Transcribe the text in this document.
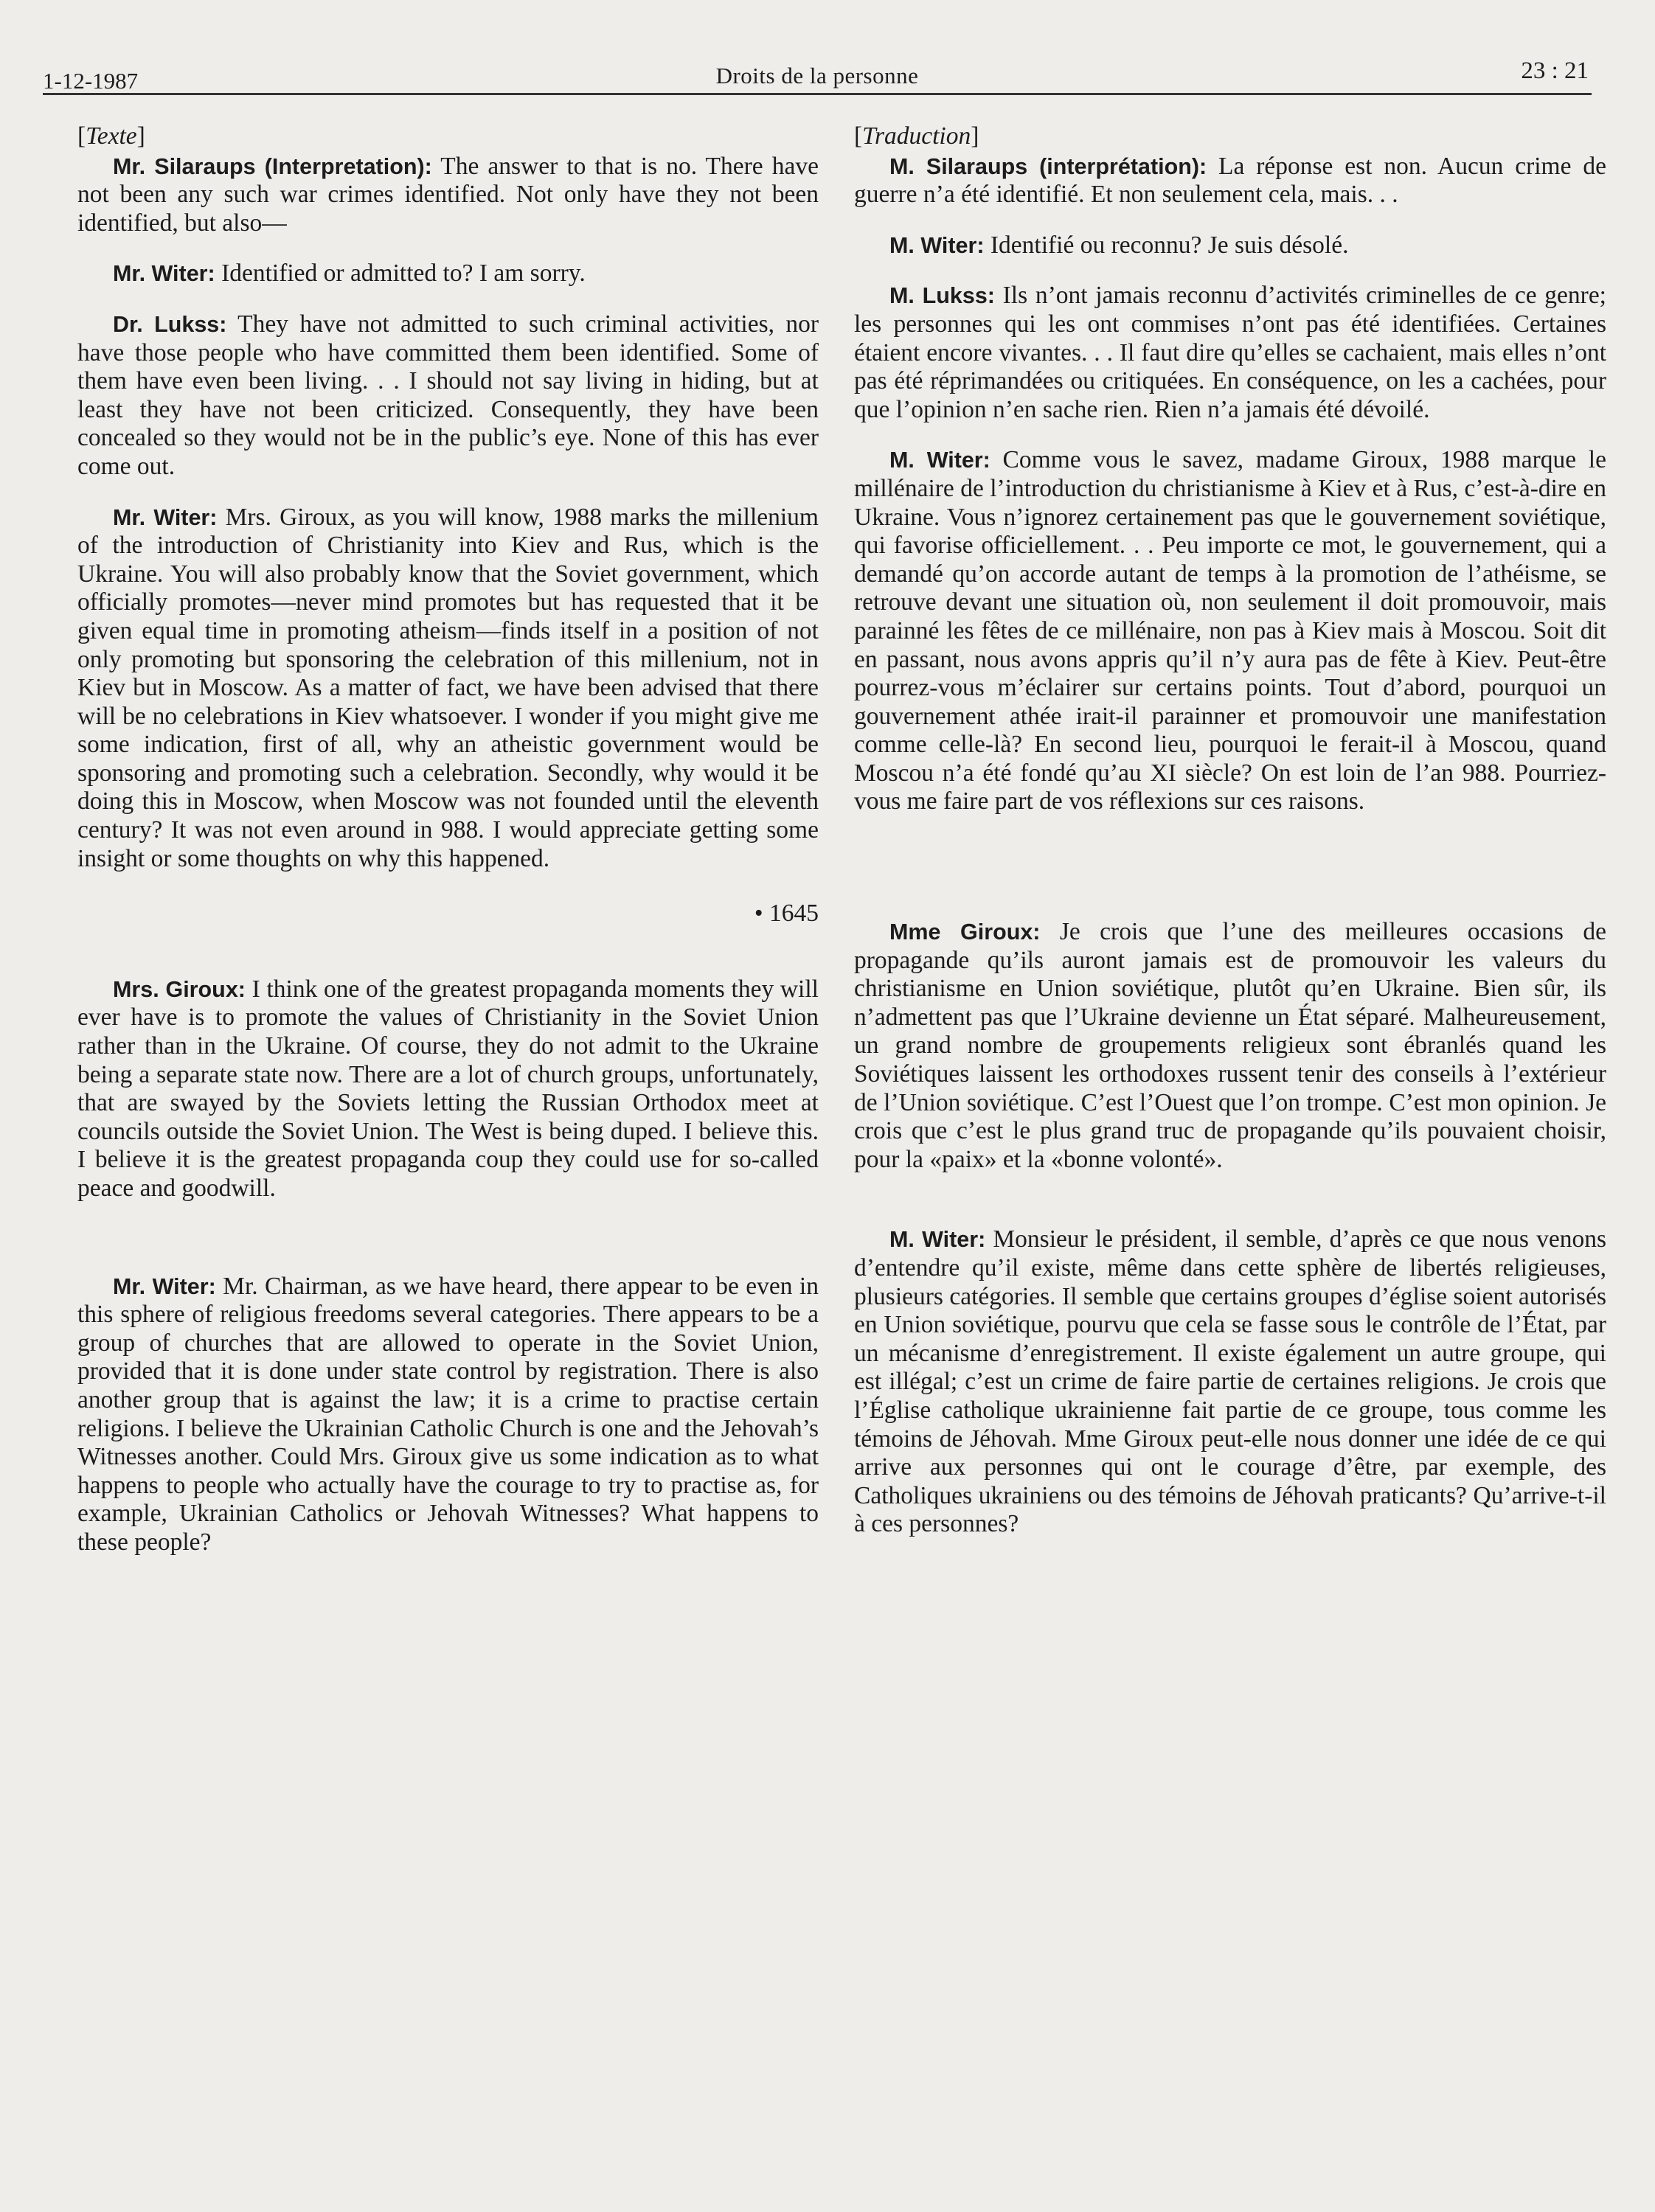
1-12-1987	Droits de la personne	23 : 21
[Texte]

Mr. Silaraups (Interpretation): The answer to that is no. There have not been any such war crimes identified. Not only have they not been identified, but also—

Mr. Witer: Identified or admitted to? I am sorry.

Dr. Lukss: They have not admitted to such criminal activities, nor have those people who have committed them been identified. Some of them have even been living. . . I should not say living in hiding, but at least they have not been criticized. Consequently, they have been concealed so they would not be in the public’s eye. None of this has ever come out.

Mr. Witer: Mrs. Giroux, as you will know, 1988 marks the millenium of the introduction of Christianity into Kiev and Rus, which is the Ukraine. You will also probably know that the Soviet government, which officially promotes—never mind promotes but has requested that it be given equal time in promoting atheism—finds itself in a position of not only promoting but sponsoring the celebration of this millenium, not in Kiev but in Moscow. As a matter of fact, we have been advised that there will be no celebrations in Kiev whatsoever. I wonder if you might give me some indication, first of all, why an atheistic government would be sponsoring and promoting such a celebration. Secondly, why would it be doing this in Moscow, when Moscow was not founded until the eleventh century? It was not even around in 988. I would appreciate getting some insight or some thoughts on why this happened.

• 1645

Mrs. Giroux: I think one of the greatest propaganda moments they will ever have is to promote the values of Christianity in the Soviet Union rather than in the Ukraine. Of course, they do not admit to the Ukraine being a separate state now. There are a lot of church groups, unfortunately, that are swayed by the Soviets letting the Russian Orthodox meet at councils outside the Soviet Union. The West is being duped. I believe this. I believe it is the greatest propaganda coup they could use for so-called peace and goodwill.

Mr. Witer: Mr. Chairman, as we have heard, there appear to be even in this sphere of religious freedoms several categories. There appears to be a group of churches that are allowed to operate in the Soviet Union, provided that it is done under state control by registration. There is also another group that is against the law; it is a crime to practise certain religions. I believe the Ukrainian Catholic Church is one and the Jehovah’s Witnesses another. Could Mrs. Giroux give us some indication as to what happens to people who actually have the courage to try to practise as, for example, Ukrainian Catholics or Jehovah Witnesses? What happens to these people?

[Traduction]

M. Silaraups (interprétation): La réponse est non. Aucun crime de guerre n’a été identifié. Et non seulement cela, mais. . .

M. Witer: Identifié ou reconnu? Je suis désolé.

M. Lukss: Ils n’ont jamais reconnu d’activités criminelles de ce genre; les personnes qui les ont commises n’ont pas été identifiées. Certaines étaient encore vivantes. . . Il faut dire qu’elles se cachaient, mais elles n’ont pas été réprimandées ou critiquées. En conséquence, on les a cachées, pour que l’opinion n’en sache rien. Rien n’a jamais été dévoilé.

M. Witer: Comme vous le savez, madame Giroux, 1988 marque le millénaire de l’introduction du christianisme à Kiev et à Rus, c’est-à-dire en Ukraine. Vous n’ignorez certainement pas que le gouvernement soviétique, qui favorise officiellement. . . Peu importe ce mot, le gouvernement, qui a demandé qu’on accorde autant de temps à la promotion de l’athéisme, se retrouve devant une situation où, non seulement il doit promouvoir, mais parainné les fêtes de ce millénaire, non pas à Kiev mais à Moscou. Soit dit en passant, nous avons appris qu’il n’y aura pas de fête à Kiev. Peut-être pourrez-vous m’éclairer sur certains points. Tout d’abord, pourquoi un gouvernement athée irait-il parainner et promouvoir une manifestation comme celle-là? En second lieu, pourquoi le ferait-il à Moscou, quand Moscou n’a été fondé qu’au XI siècle? On est loin de l’an 988. Pourriez-vous me faire part de vos réflexions sur ces raisons.

Mme Giroux: Je crois que l’une des meilleures occasions de propagande qu’ils auront jamais est de promouvoir les valeurs du christianisme en Union soviétique, plutôt qu’en Ukraine. Bien sûr, ils n’admettent pas que l’Ukraine devienne un État séparé. Malheureusement, un grand nombre de groupements religieux sont ébranlés quand les Soviétiques laissent les orthodoxes russent tenir des conseils à l’extérieur de l’Union soviétique. C’est l’Ouest que l’on trompe. C’est mon opinion. Je crois que c’est le plus grand truc de propagande qu’ils pouvaient choisir, pour la «paix» et la «bonne volonté».

M. Witer: Monsieur le président, il semble, d’après ce que nous venons d’entendre qu’il existe, même dans cette sphère de libertés religieuses, plusieurs catégories. Il semble que certains groupes d’église soient autorisés en Union soviétique, pourvu que cela se fasse sous le contrôle de l’État, par un mécanisme d’enregistrement. Il existe également un autre groupe, qui est illégal; c’est un crime de faire partie de certaines religions. Je crois que l’Église catholique ukrainienne fait partie de ce groupe, tous comme les témoins de Jéhovah. Mme Giroux peut-elle nous donner une idée de ce qui arrive aux personnes qui ont le courage d’être, par exemple, des Catholiques ukrainiens ou des témoins de Jéhovah praticants? Qu’arrive-t-il à ces personnes?
